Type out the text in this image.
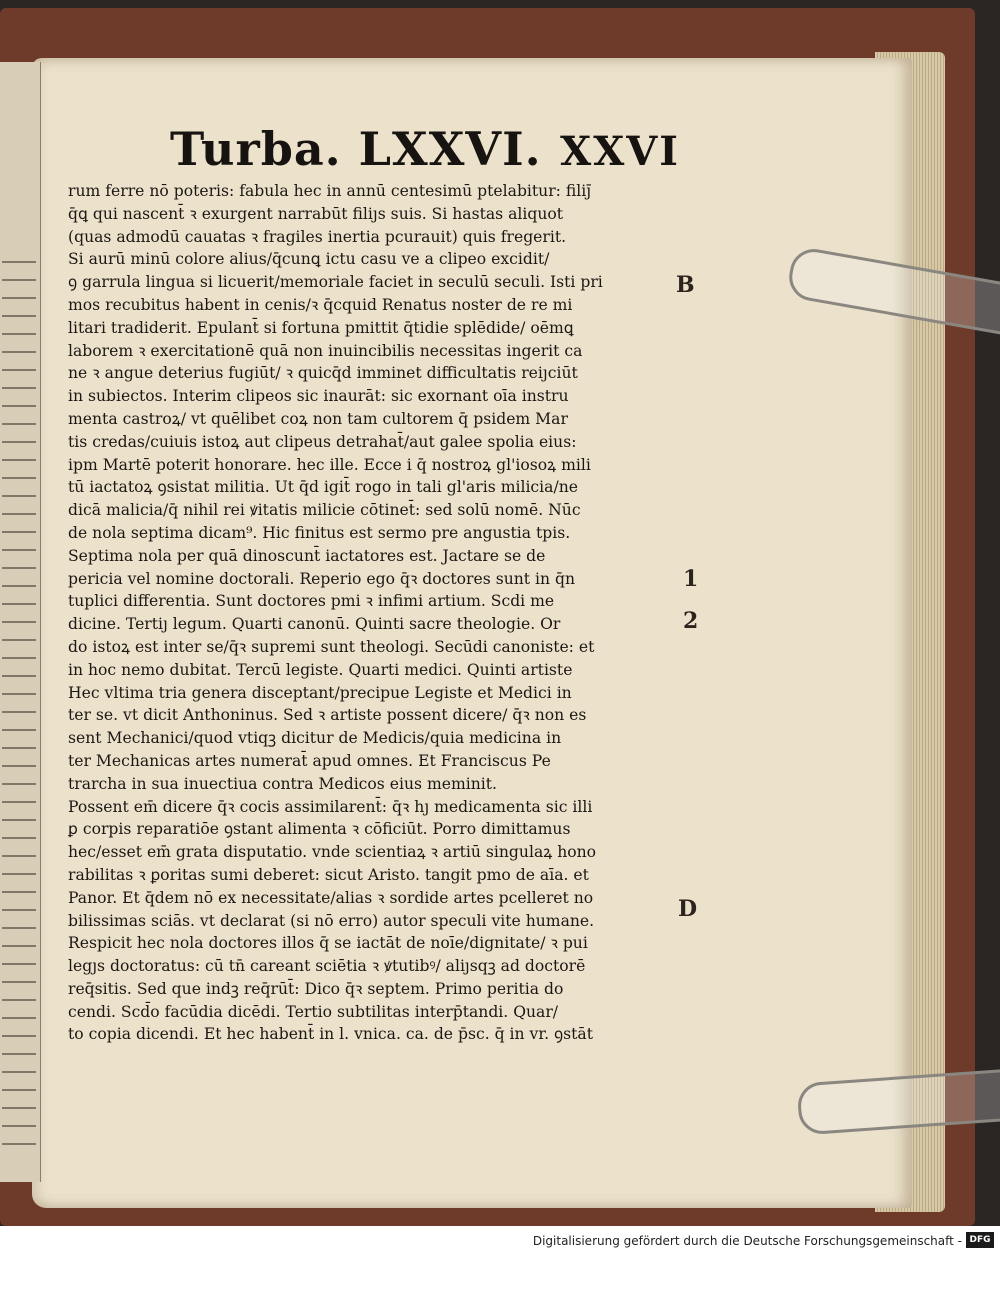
Turba. LXXVI. XXVI
rum ferre nō poteris: fabula hec in annū centesimū ptelabitur: filiȷ̄
q̄ꝗ qui nascent̄ ꝛ exurgent narrabūt filiȷs suis. Si hastas aliquot
(quas admodū cauatas ꝛ fragiles inertia pcurauit) quis fregerit.
Si aurū minū colore alius/q̄cunꝗ ictu casu ve a clipeo excidit/
ꝯ garrula lingua si licuerit/memoriale faciet in seculū seculi. Isti pri
mos recubitus habent in cenis/ꝛ q̄cquid Renatus noster de re mi
litari tradiderit. Epulant̄ si fortuna pmittit q̄tidie splēdide/ oēmꝗ
laborem ꝛ exercitationē quā non inuincibilis necessitas ingerit ca
ne ꝛ angue deterius fugiūt/ ꝛ quicq̄d imminet difficultatis reiȷciūt
in subiectos. Interim clipeos sic inaurāt: sic exornant oīa instru
menta castroꝝ/ vt quēlibet coꝝ non tam cultorem q̄ psidem Mar
tis credas/cuiuis istoꝝ aut clipeus detrahat̄/aut galee spolia eius:
ipm Martē poterit honorare. hec ille. Ecce i q̄ nostroꝝ gl'iosoꝝ mili
tū iactatoꝝ ꝯsistat militia. Ut q̄d igit̄ rogo in tali gl'aris milicia/ne
dicā malicia/q̄ nihil rei ꝟitatis milicie cōtinet̄: sed solū nomē. Nūc
de nola septima dicam⁹. Hic finitus est sermo pre angustia tpis.
Septima nola per quā dinoscunt̄ iactatores est. Jactare se de
pericia vel nomine doctorali. Reperio ego q̄ꝛ doctores sunt in q̄n
tuplici differentia. Sunt doctores pmi ꝛ infimi artium. Scdi me
dicine. Tertiȷ legum. Quarti canonū. Quinti sacre theologie. Or
do istoꝝ est inter se/q̄ꝛ supremi sunt theologi. Secūdi canoniste: et
in hoc nemo dubitat. Tercū legiste. Quarti medici. Quinti artiste
Hec vltima tria genera disceptant/precipue Legiste et Medici in
ter se. vt dicit Anthoninus. Sed ꝛ artiste possent dicere/ q̄ꝛ non es
sent Mechanici/quod vtiqꝫ dicitur de Medicis/quia medicina in
ter Mechanicas artes numerat̄ apud omnes. Et Franciscus Pe
trarcha in sua inuectiua contra Medicos eius meminit.
Possent em̄ dicere q̄ꝛ cocis assimilarent̄: q̄ꝛ hȷ medicamenta sic illi
ꝑ corpis reparatiōe ꝯstant alimenta ꝛ cōficiūt. Porro dimittamus
hec/esset em̄ grata disputatio. vnde scientiaꝝ ꝛ artiū singulaꝝ hono
rabilitas ꝛ ꝑoritas sumi deberet: sicut Aristo. tangit pmo de aīa. et
Panor. Et q̄dem nō ex necessitate/alias ꝛ sordide artes pcelleret no
bilissimas sciās. vt declarat (si nō erro) autor speculi vite humane.
Respicit hec nola doctores illos q̄ se iactāt de noīe/dignitate/ ꝛ pui
legȷs doctoratus: cū tn̄ careant sciētia ꝛ ꝟtutibꝰ/ aliȷsqꝫ ad doctorē
req̄sitis. Sed que indꝫ req̄rūt̄: Dico q̄ꝛ septem. Primo peritia do
cendi. Scd̄o facūdia dicēdi. Tertio subtilitas interp̄tandi. Quar/
to copia dicendi. Et hec habent̄ in l. vnica. ca. de p̄sc. q̄ in vr. ꝯstāt
B
1
2
D
Digitalisierung gefördert durch die Deutsche Forschungsgemeinschaft - DFG
